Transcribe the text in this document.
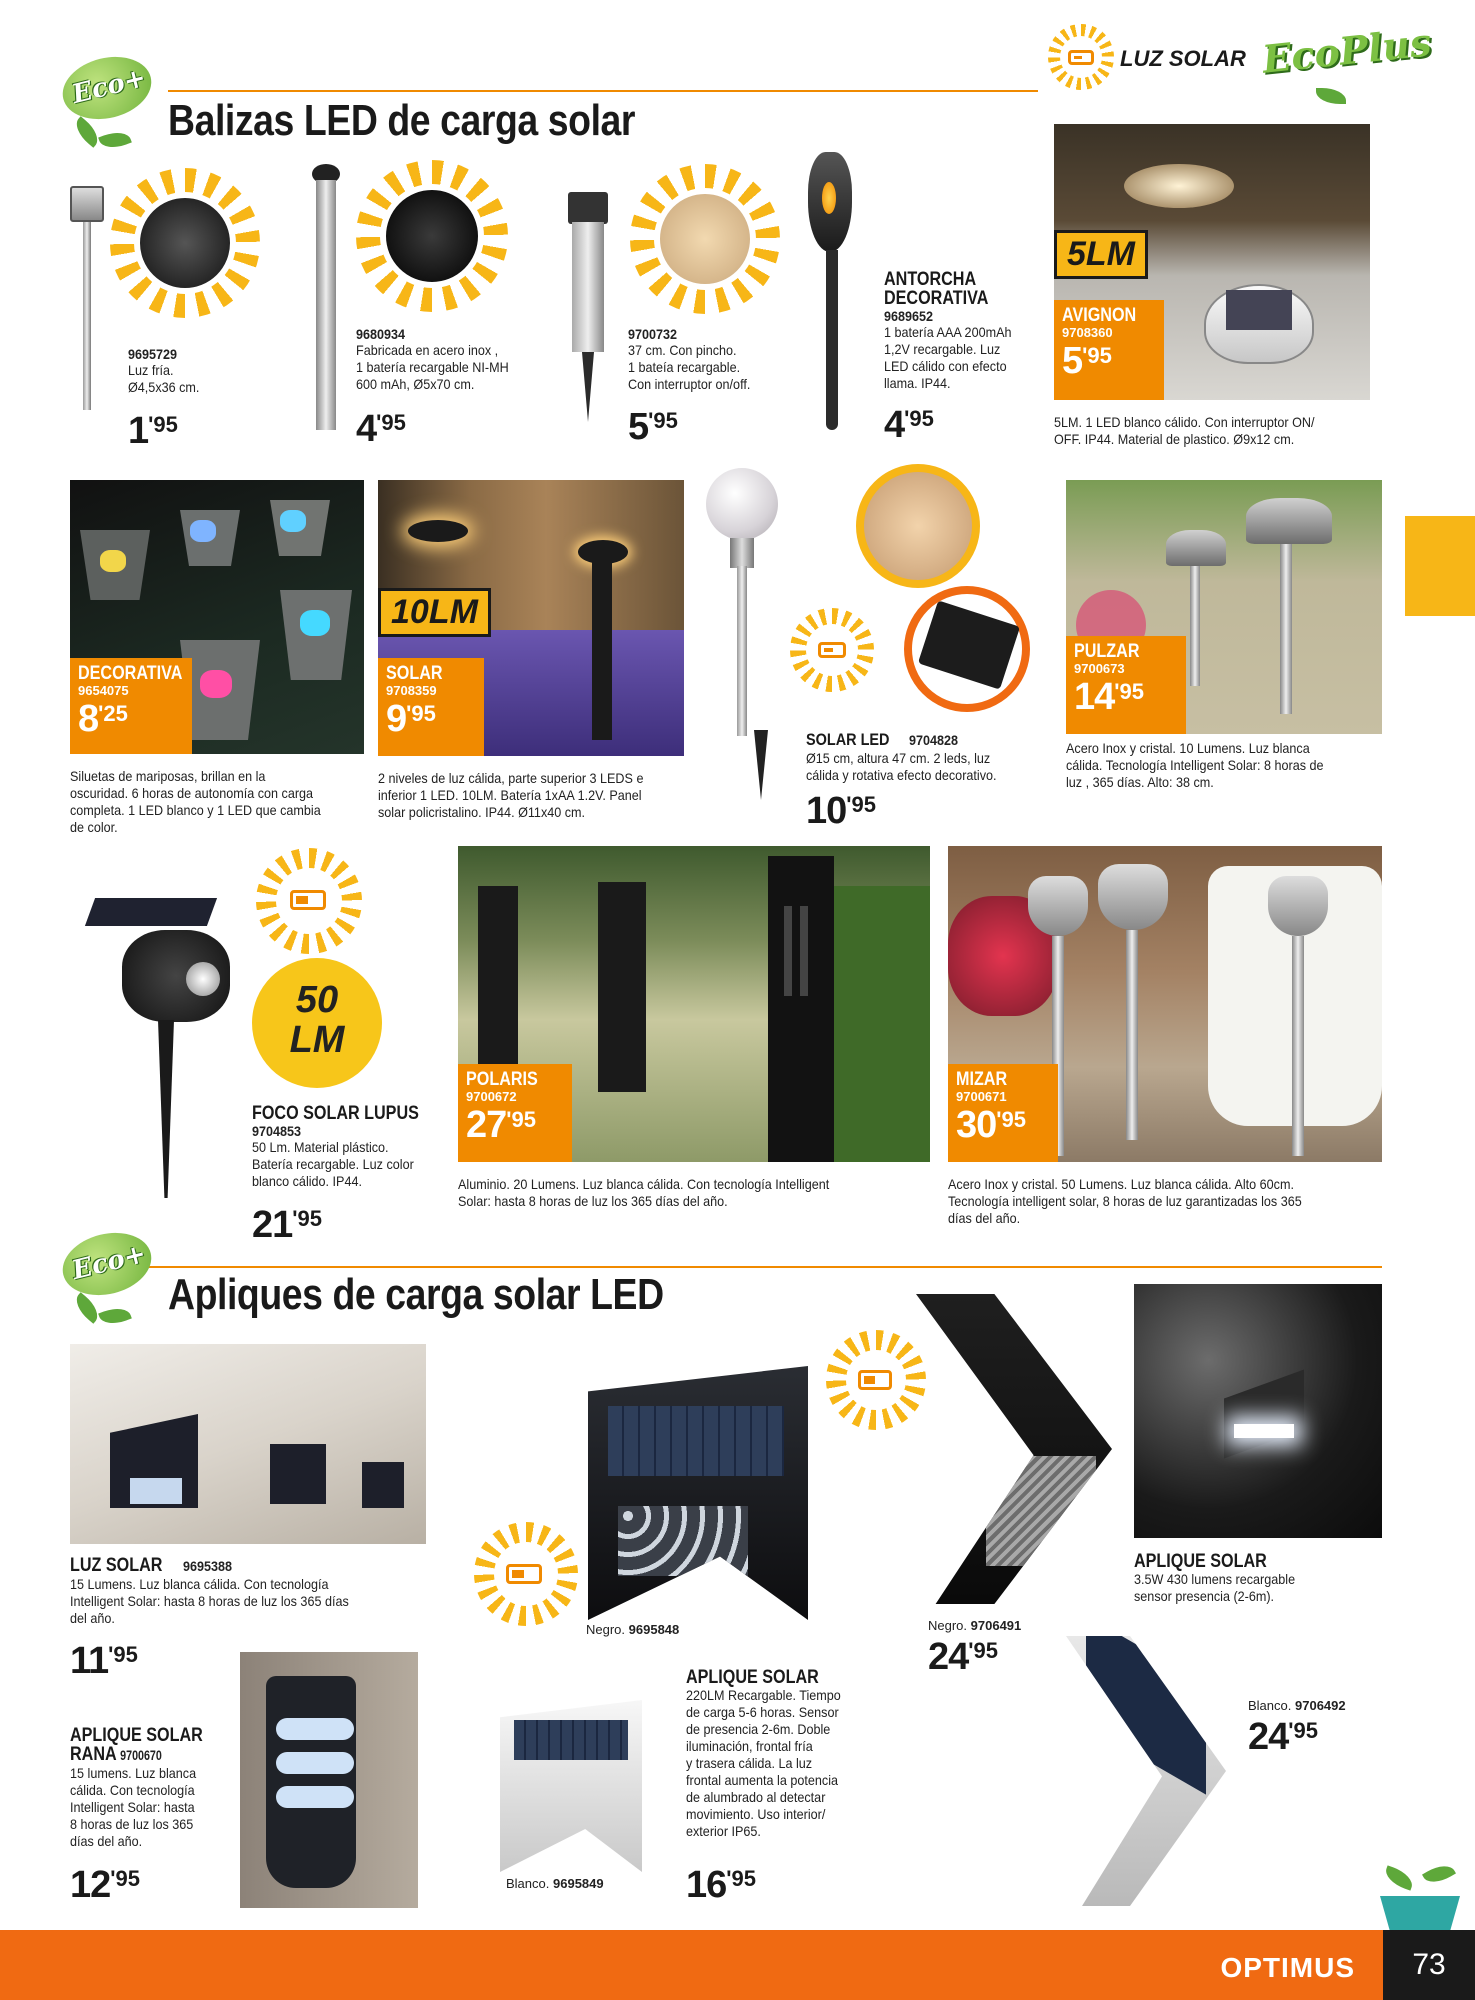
LUZ SOLAR EcoPlus
Eco+
Balizas LED de carga solar
9695729
Luz fría.
Ø4,5x36 cm.
1'95
9680934
Fabricada en acero inox ,
1 batería recargable NI-MH
600 mAh, Ø5x70 cm.
4'95
9700732
37 cm. Con pincho.
1 bateía recargable.
Con interruptor on/off.
5'95
ANTORCHA DECORATIVA
9689652
1 batería AAA 200mAh
1,2V recargable. Luz
LED cálido con efecto
llama. IP44.
4'95
5LM
AVIGNON
9708360
5'95
5LM. 1 LED blanco cálido. Con interruptor ON/
OFF. IP44. Material de plastico. Ø9x12 cm.
DECORATIVA
9654075
8'25
Siluetas de mariposas, brillan en la
oscuridad. 6 horas de autonomía con carga
completa. 1 LED blanco y 1 LED que cambia
de color.
10LM
SOLAR
9708359
9'95
2 niveles de luz cálida, parte superior 3 LEDS e
inferior 1 LED. 10LM. Batería 1xAA 1.2V. Panel
solar policristalino. IP44. Ø11x40 cm.
SOLAR LED 9704828
Ø15 cm, altura 47 cm. 2 leds, luz
cálida y rotativa efecto decorativo.
10'95
PULZAR
9700673
14'95
Acero Inox y cristal. 10 Lumens. Luz blanca
cálida. Tecnología Intelligent Solar: 8 horas de
luz , 365 días. Alto: 38 cm.
50
LM
FOCO SOLAR LUPUS
9704853
50 Lm. Material plástico.
Batería recargable. Luz color
blanco cálido. IP44.
21'95
POLARIS
9700672
27'95
Aluminio. 20 Lumens. Luz blanca cálida. Con tecnología Intelligent
Solar: hasta 8 horas de luz los 365 días del año.
MIZAR
9700671
30'95
Acero Inox y cristal. 50 Lumens. Luz blanca cálida. Alto 60cm.
Tecnología intelligent solar, 8 horas de luz garantizadas los 365
días del año.
Eco+
Apliques de carga solar LED
LUZ SOLAR 9695388
15 Lumens. Luz blanca cálida. Con tecnología
Intelligent Solar: hasta 8 horas de luz los 365 días
del año.
11'95
APLIQUE SOLAR
RANA 9700670
15 lumens. Luz blanca
cálida. Con tecnología
Intelligent Solar: hasta
8 horas de luz los 365
días del año.
12'95
Negro. 9695848
Blanco. 9695849
APLIQUE SOLAR
220LM Recargable. Tiempo
de carga 5-6 horas. Sensor
de presencia 2-6m. Doble
iluminación, frontal fría
y trasera cálida. La luz
frontal aumenta la potencia
de alumbrado al detectar
movimiento. Uso interior/
exterior IP65.
16'95
Negro. 9706491
24'95
APLIQUE SOLAR
3.5W 430 lumens recargable
sensor presencia (2-6m).
Blanco. 9706492
24'95
OPTIMUS	73
